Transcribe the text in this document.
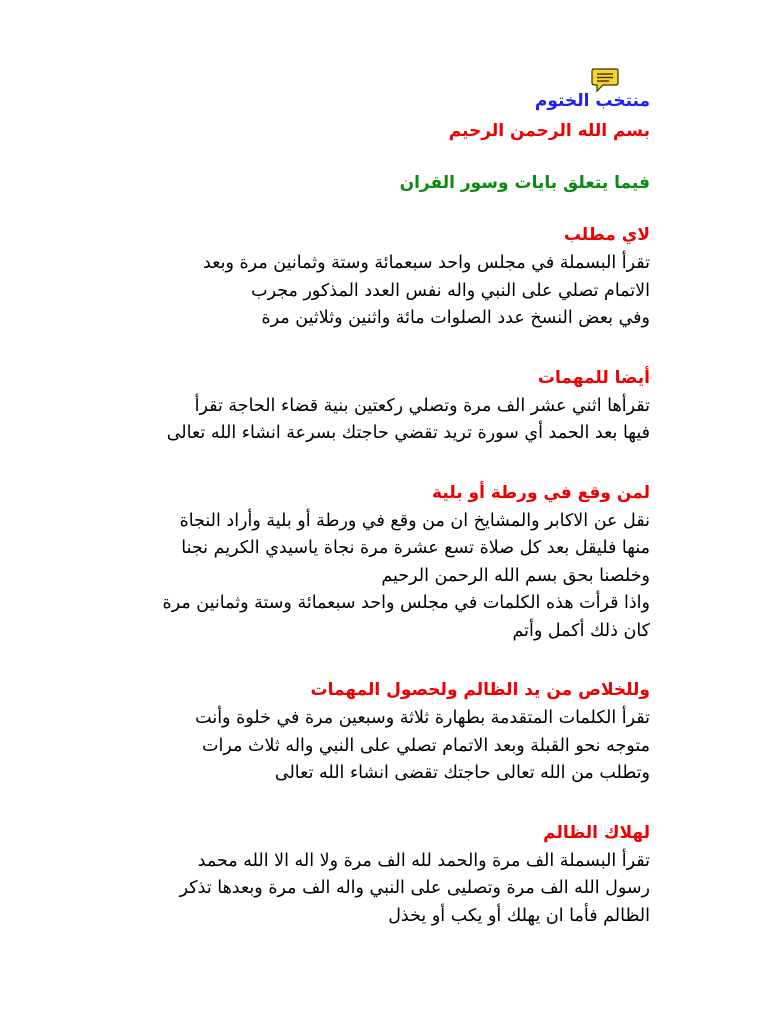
منتخب الختوم

بسم الله الرحمن الرحيم

فيما يتعلق بايات وسور القران

لاي مطلب

تقرأ البسملة في مجلس واحد سبعمائة وستة وثمانين مرة وبعد

الاتمام تصلي على النبي واله نفس العدد المذكور مجرب

وفي بعض النسخ عدد الصلوات مائة واثنين وثلاثين مرة

أيضا للمهمات

تقرأها اثني عشر الف مرة وتصلي ركعتين بنية قضاء الحاجة تقرأ

فيها بعد الحمد أي سورة تريد تقضي حاجتك بسرعة انشاء الله تعالى

لمن وقع في ورطة أو بلية

نقل عن الاكابر والمشايخ ان من وقع في ورطة أو بلية وأراد النجاة

منها فليقل بعد كل صلاة تسع عشرة مرة نجاة ياسيدي الكريم نجنا

وخلصنا بحق بسم الله الرحمن الرحيم

واذا قرأت هذه الكلمات في مجلس واحد سبعمائة وستة وثمانين مرة

كان ذلك أكمل وأتم

وللخلاص من يد الظالم ولحصول المهمات

تقرأ الكلمات المتقدمة بطهارة ثلاثة وسبعين مرة في خلوة وأنت

متوجه نحو القبلة وبعد الاتمام تصلي على النبي واله ثلاث مرات

وتطلب من الله تعالى حاجتك تقضى انشاء الله تعالى

لهلاك الظالم

تقرأ البسملة الف مرة والحمد لله الف مرة ولا اله الا الله محمد

رسول الله الف مرة وتصليى على النبي واله الف مرة وبعدها تذكر

الظالم فأما ان يهلك أو يكب أو يخذل
